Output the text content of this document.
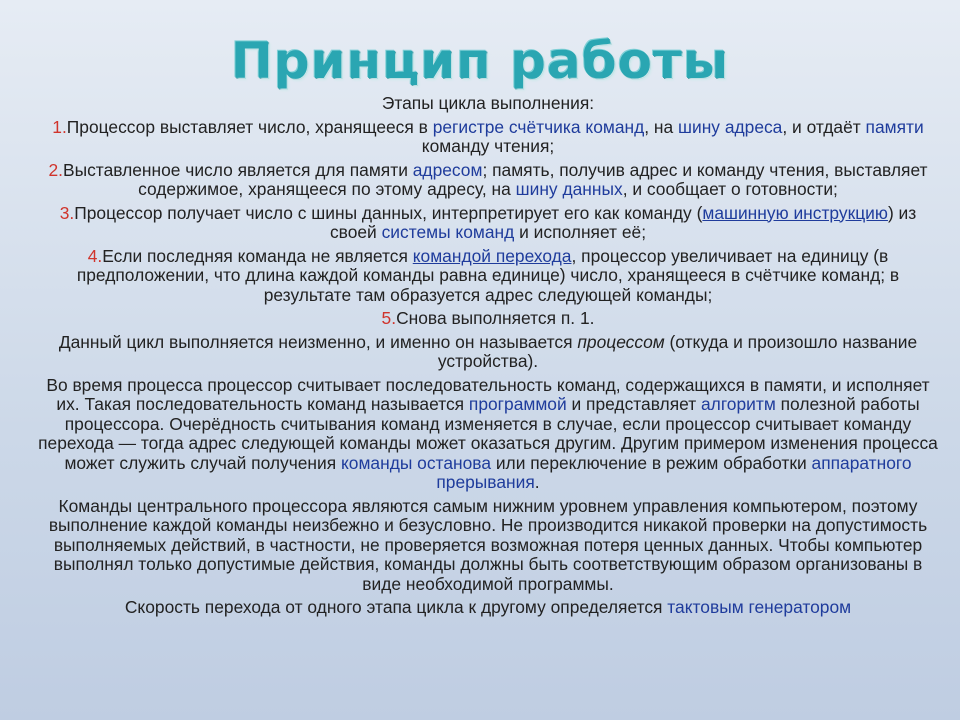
Принцип работы

Этапы цикла выполнения:

1.Процессор выставляет число, хранящееся в регистре счётчика команд, на шину адреса, и отдаёт памяти команду чтения;

2.Выставленное число является для памяти адресом; память, получив адрес и команду чтения, выставляет содержимое, хранящееся по этому адресу, на шину данных, и сообщает о готовности;

3.Процессор получает число с шины данных, интерпретирует его как команду (машинную инструкцию) из своей системы команд и исполняет её;

4.Если последняя команда не является командой перехода, процессор увеличивает на единицу (в предположении, что длина каждой команды равна единице) число, хранящееся в счётчике команд; в результате там образуется адрес следующей команды;

5.Снова выполняется п. 1.

Данный цикл выполняется неизменно, и именно он называется процессом (откуда и произошло название устройства).

Во время процесса процессор считывает последовательность команд, содержащихся в памяти, и исполняет их. Такая последовательность команд называется программой и представляет алгоритм полезной работы процессора. Очерёдность считывания команд изменяется в случае, если процессор считывает команду перехода — тогда адрес следующей команды может оказаться другим. Другим примером изменения процесса может служить случай получения команды останова или переключение в режим обработки аппаратного прерывания.

Команды центрального процессора являются самым нижним уровнем управления компьютером, поэтому выполнение каждой команды неизбежно и безусловно. Не производится никакой проверки на допустимость выполняемых действий, в частности, не проверяется возможная потеря ценных данных. Чтобы компьютер выполнял только допустимые действия, команды должны быть соответствующим образом организованы в виде необходимой программы.

Скорость перехода от одного этапа цикла к другому определяется тактовым генератором
